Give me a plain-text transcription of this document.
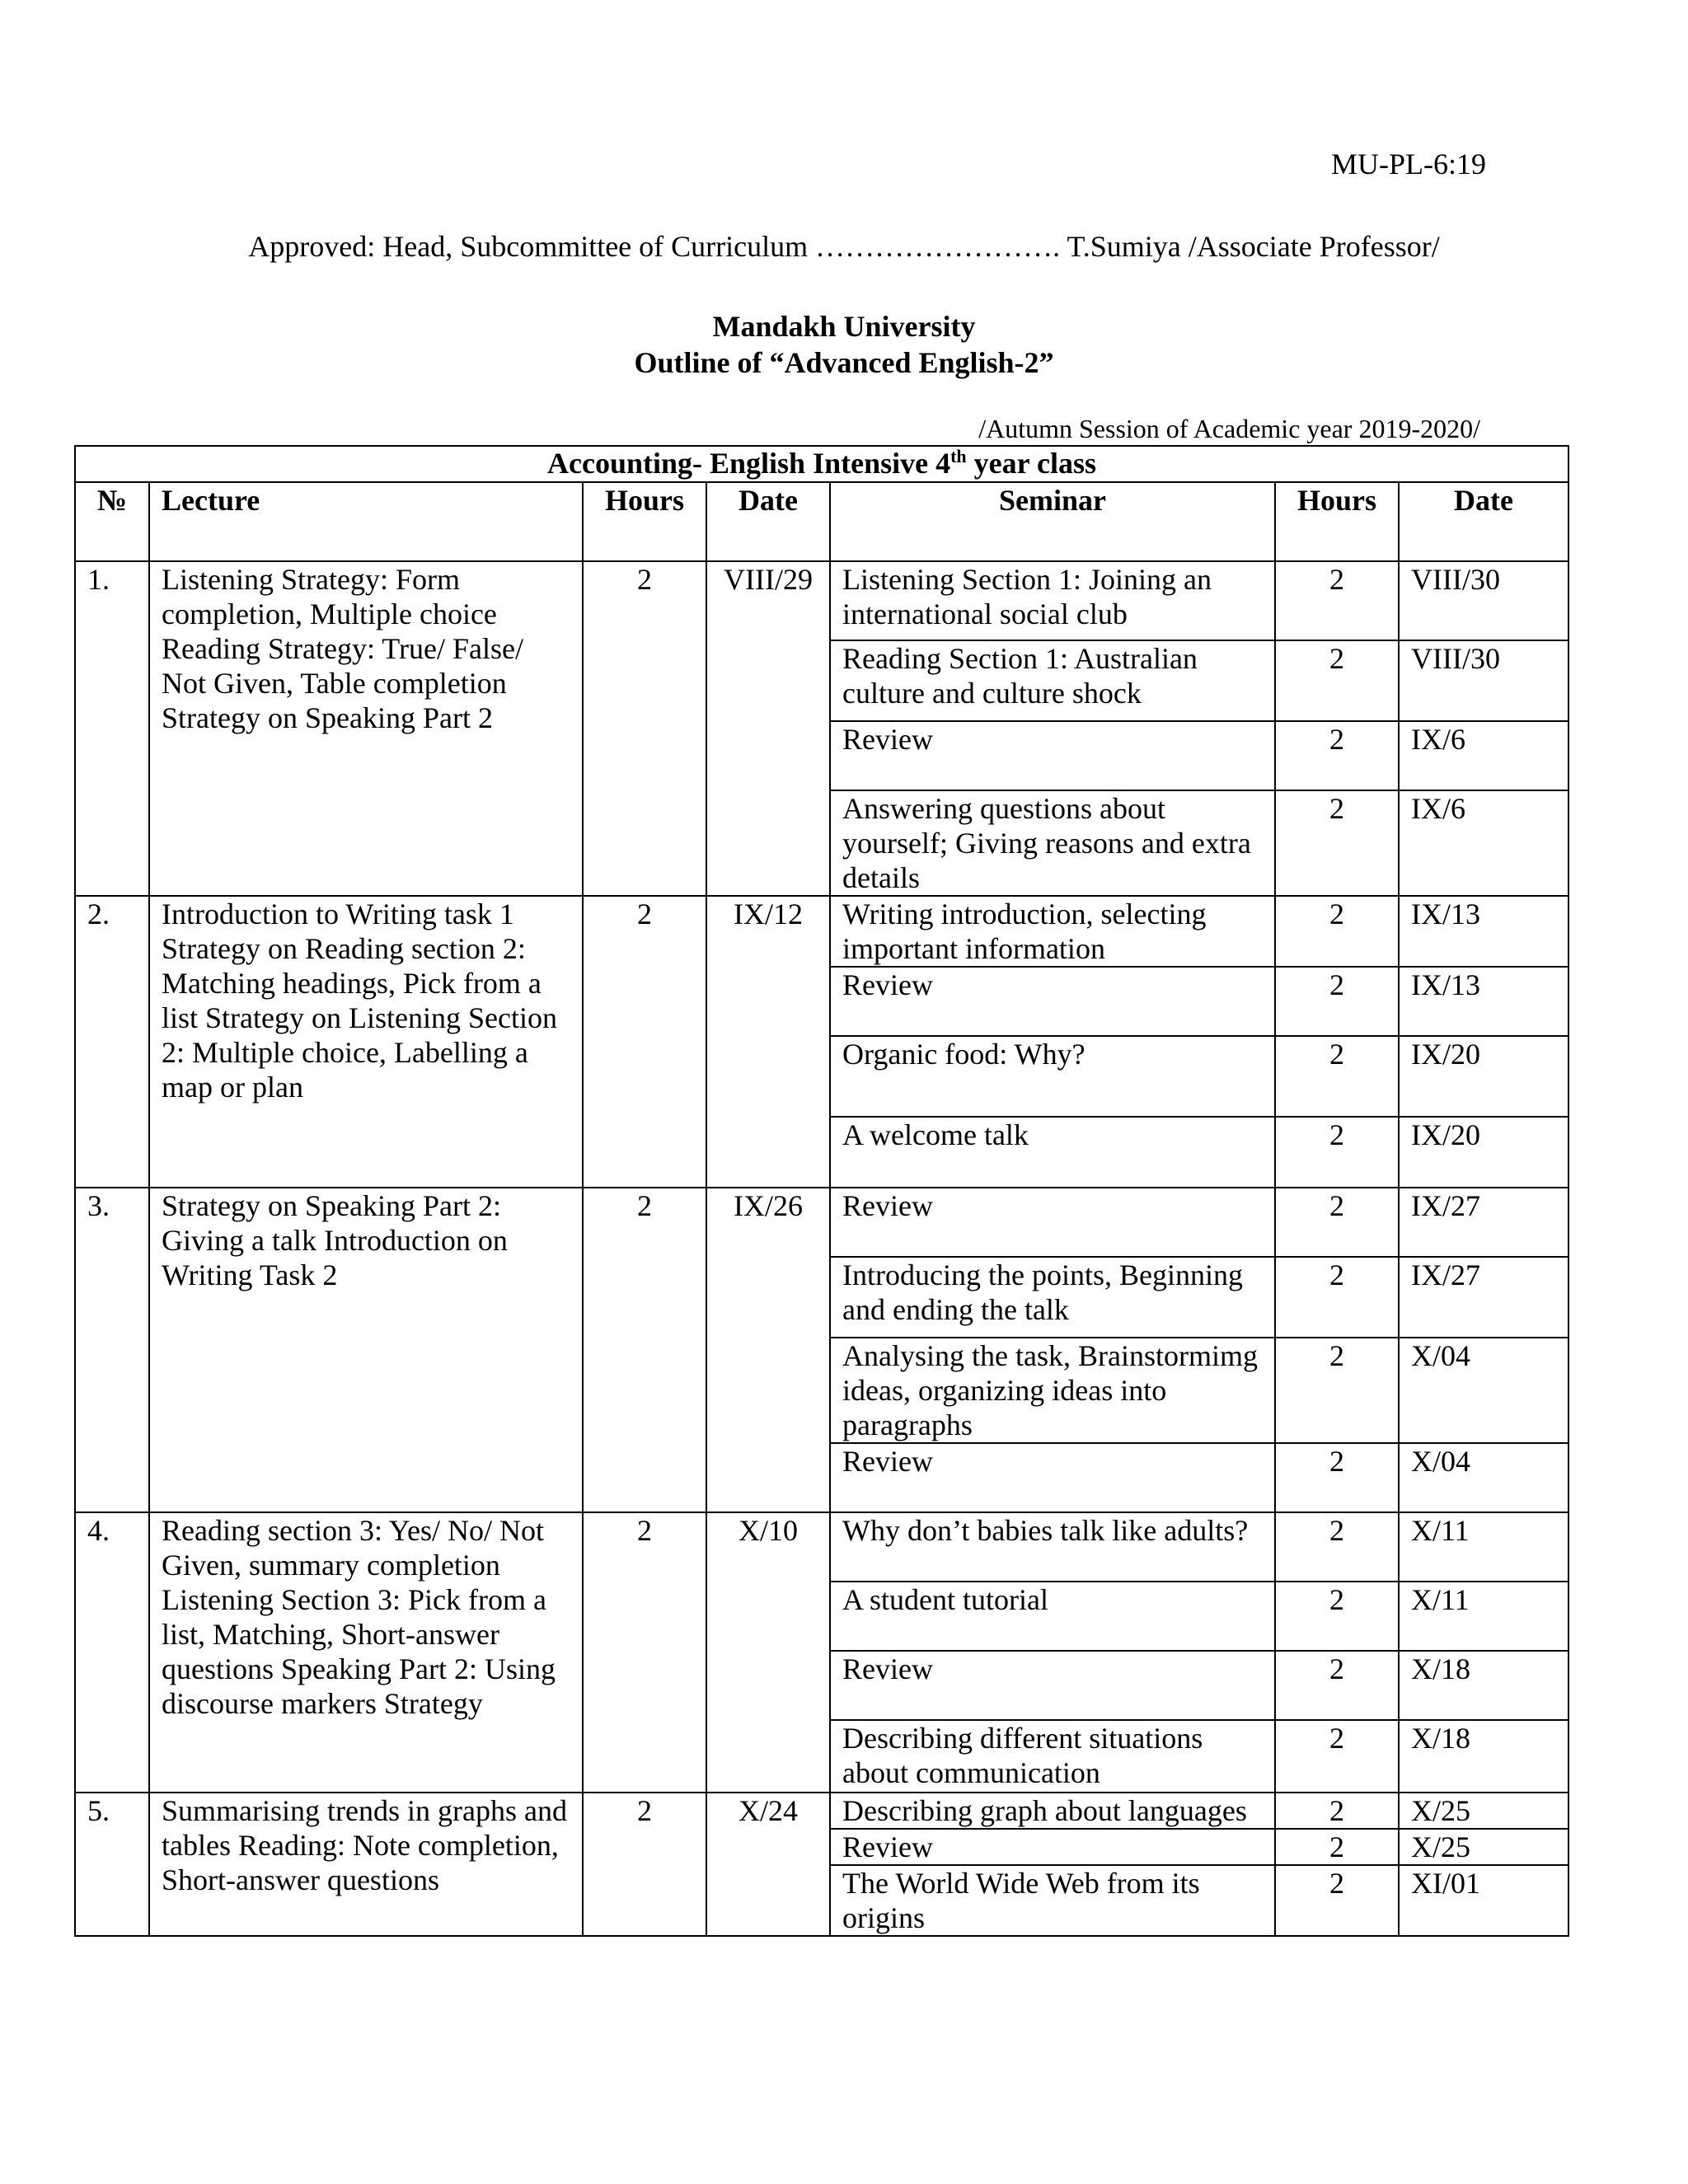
MU-PL-6:19
Approved: Head, Subcommittee of Curriculum ……………………. T.Sumiya /Associate Professor/
Mandakh University
Outline of “Advanced English-2”
/Autumn Session of Academic year 2019-2020/
Accounting- English Intensive 4th year class						
№	Lecture	Hours	Date	Seminar	Hours	Date
1.	Listening Strategy: Form completion, Multiple choice Reading Strategy: True/ False/ Not Given, Table completion Strategy on Speaking Part 2	2	VIII/29	Listening Section 1: Joining an international social club	2	VIII/30
				Reading Section 1: Australian culture and culture shock	2	VIII/30
				Review	2	IX/6
				Answering questions about yourself; Giving reasons and extra details	2	IX/6
2.	Introduction to Writing task 1 Strategy on Reading section 2: Matching headings, Pick from a list Strategy on Listening Section 2: Multiple choice, Labelling a map or plan	2	IX/12	Writing introduction, selecting important information	2	IX/13
				Review	2	IX/13
				Organic food: Why?	2	IX/20
				A welcome talk	2	IX/20
3.	Strategy on Speaking Part 2: Giving a talk Introduction on Writing Task 2	2	IX/26	Review	2	IX/27
				Introducing the points, Beginning and ending the talk	2	IX/27
				Analysing the task, Brainstormimg ideas, organizing ideas into paragraphs	2	X/04
				Review	2	X/04
4.	Reading section 3: Yes/ No/ Not Given, summary completion Listening Section 3: Pick from a list, Matching, Short-answer questions Speaking Part 2: Using discourse markers Strategy	2	X/10	Why don’t babies talk like adults?	2	X/11
				A student tutorial	2	X/11
				Review	2	X/18
				Describing different situations about communication	2	X/18
5.	Summarising trends in graphs and tables Reading: Note completion, Short-answer questions	2	X/24	Describing graph about languages	2	X/25
				Review	2	X/25
				The World Wide Web from its origins	2	XI/01
